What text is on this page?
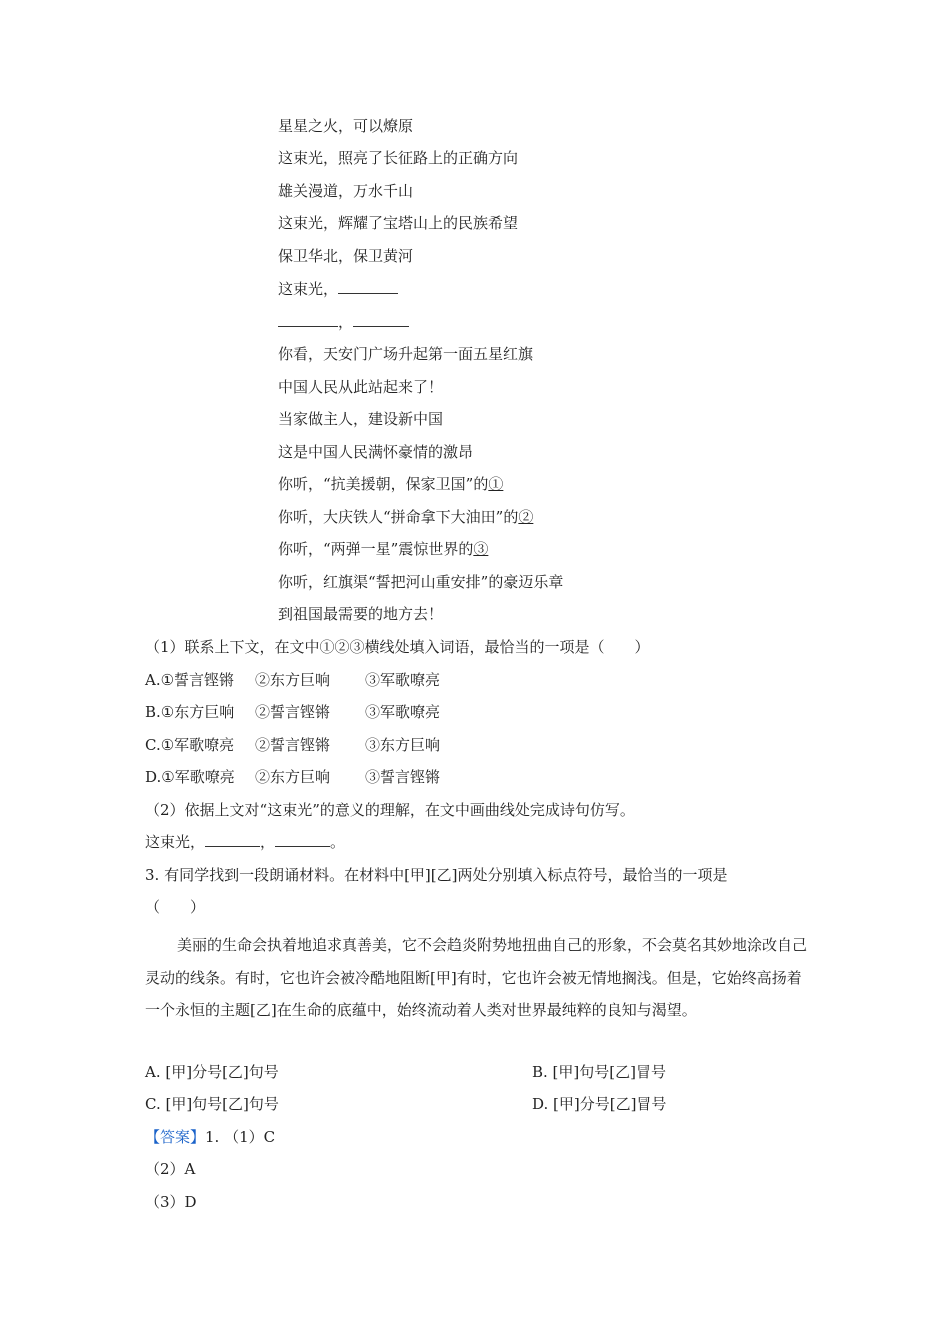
星星之火，可以燎原
这束光，照亮了长征路上的正确方向
雄关漫道，万水千山
这束光，辉耀了宝塔山上的民族希望
保卫华北，保卫黄河
这束光，
，
你看，天安门广场升起第一面五星红旗
中国人民从此站起来了！
当家做主人，建设新中国
这是中国人民满怀豪情的激昂
你听，“抗美援朝，保家卫国”的①
你听，大庆铁人“拼命拿下大油田”的②
你听，“两弹一星”震惊世界的③
你听，红旗渠“誓把河山重安排”的豪迈乐章
到祖国最需要的地方去！
（1）联系上下文，在文中①②③横线处填入词语，最恰当的一项是（　　）
A.①誓言铿锵 ②东方巨响 ③军歌嘹亮
B.①东方巨响 ②誓言铿锵 ③军歌嘹亮
C.①军歌嘹亮 ②誓言铿锵 ③东方巨响
D.①军歌嘹亮 ②东方巨响 ③誓言铿锵
（2）依据上文对“这束光”的意义的理解，在文中画曲线处完成诗句仿写。
这束光，	，	。
3. 有同学找到一段朗诵材料。在材料中[甲][乙]两处分别填入标点符号，最恰当的一项是
（　　）
美丽的生命会执着地追求真善美，它不会趋炎附势地扭曲自己的形象，不会莫名其妙地涂改自己灵动的线条。有时，它也许会被冷酷地阻断[甲]有时，它也许会被无情地搁浅。但是，它始终高扬着一个永恒的主题[乙]在生命的底蕴中，始终流动着人类对世界最纯粹的良知与渴望。
A. [甲]分号[乙]句号	B. [甲]句号[乙]冒号
C. [甲]句号[乙]句号	D. [甲]分号[乙]冒号
【答案】1. （1）C
（2）A
（3）D
